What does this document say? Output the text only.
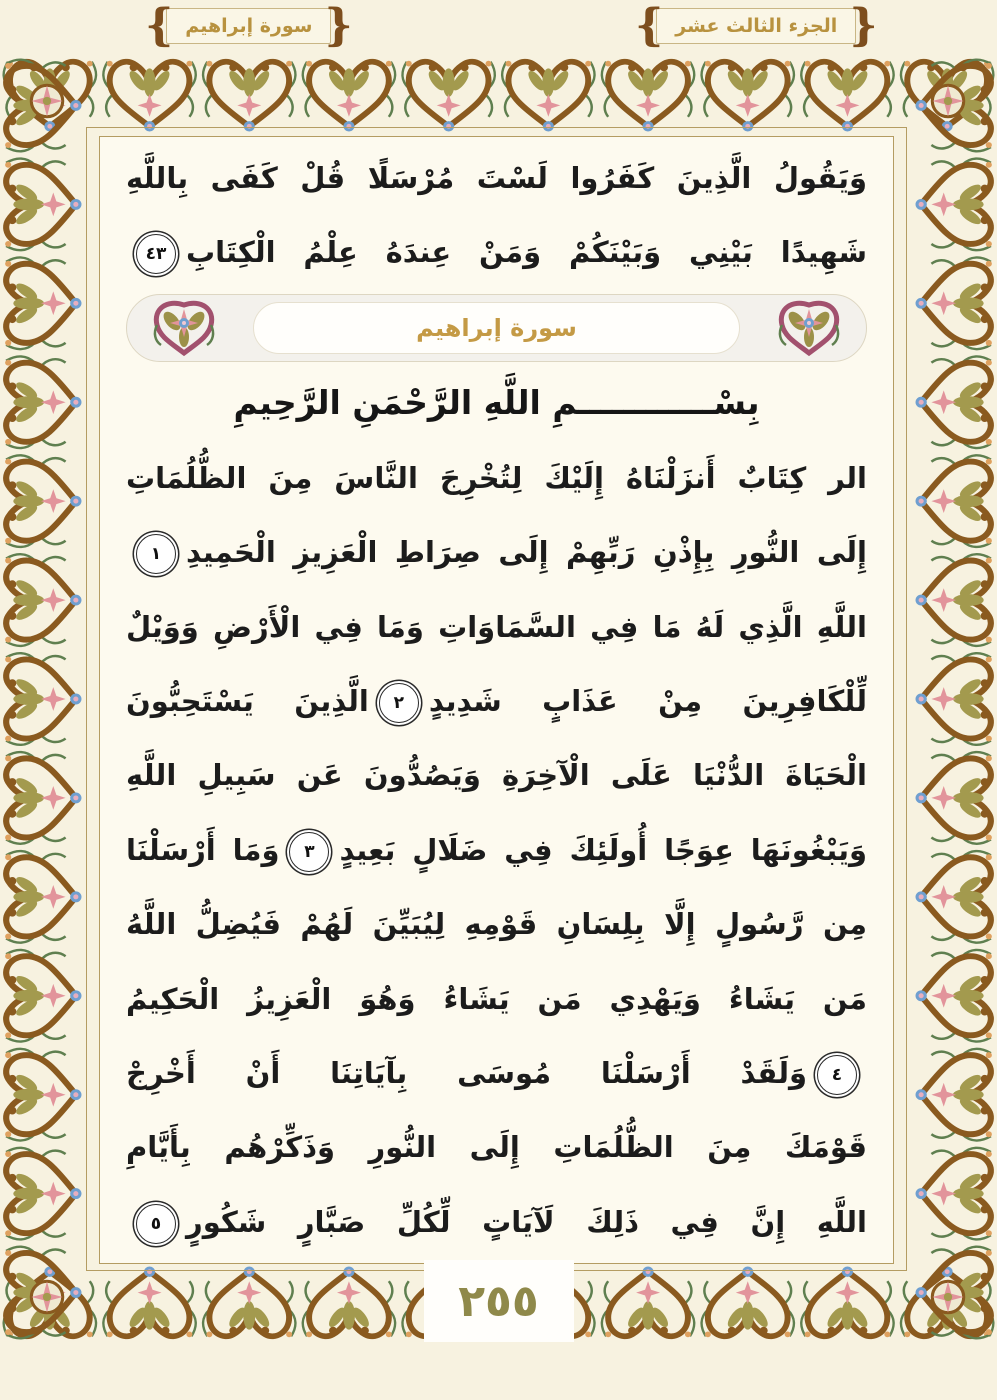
{ سورة إبراهيم }	{ الجزء الثالث عشر }
وَيَقُولُ الَّذِينَ كَفَرُوا لَسْتَ مُرْسَلًا قُلْ كَفَى بِاللَّهِ
شَهِيدًا بَيْنِي وَبَيْنَكُمْ وَمَنْ عِندَهُ عِلْمُ الْكِتَابِ٤٣
سورة إبراهيم
بِسْــــــــــــمِ اللَّهِ الرَّحْمَنِ الرَّحِيمِ
الر كِتَابٌ أَنزَلْنَاهُ إِلَيْكَ لِتُخْرِجَ النَّاسَ مِنَ الظُّلُمَاتِ
إِلَى النُّورِ بِإِذْنِ رَبِّهِمْ إِلَى صِرَاطِ الْعَزِيزِ الْحَمِيدِ١
اللَّهِ الَّذِي لَهُ مَا فِي السَّمَاوَاتِ وَمَا فِي الْأَرْضِ وَوَيْلٌ
لِّلْكَافِرِينَ مِنْ عَذَابٍ شَدِيدٍ٢الَّذِينَ يَسْتَحِبُّونَ
الْحَيَاةَ الدُّنْيَا عَلَى الْآخِرَةِ وَيَصُدُّونَ عَن سَبِيلِ اللَّهِ
وَيَبْغُونَهَا عِوَجًا أُولَئِكَ فِي ضَلَالٍ بَعِيدٍ٣وَمَا أَرْسَلْنَا
مِن رَّسُولٍ إِلَّا بِلِسَانِ قَوْمِهِ لِيُبَيِّنَ لَهُمْ فَيُضِلُّ اللَّهُ
مَن يَشَاءُ وَيَهْدِي مَن يَشَاءُ وَهُوَ الْعَزِيزُ الْحَكِيمُ
٤وَلَقَدْ أَرْسَلْنَا مُوسَى بِآيَاتِنَا أَنْ أَخْرِجْ
قَوْمَكَ مِنَ الظُّلُمَاتِ إِلَى النُّورِ وَذَكِّرْهُم بِأَيَّامِ
اللَّهِ إِنَّ فِي ذَلِكَ لَآيَاتٍ لِّكُلِّ صَبَّارٍ شَكُورٍ٥
٢٥٥
